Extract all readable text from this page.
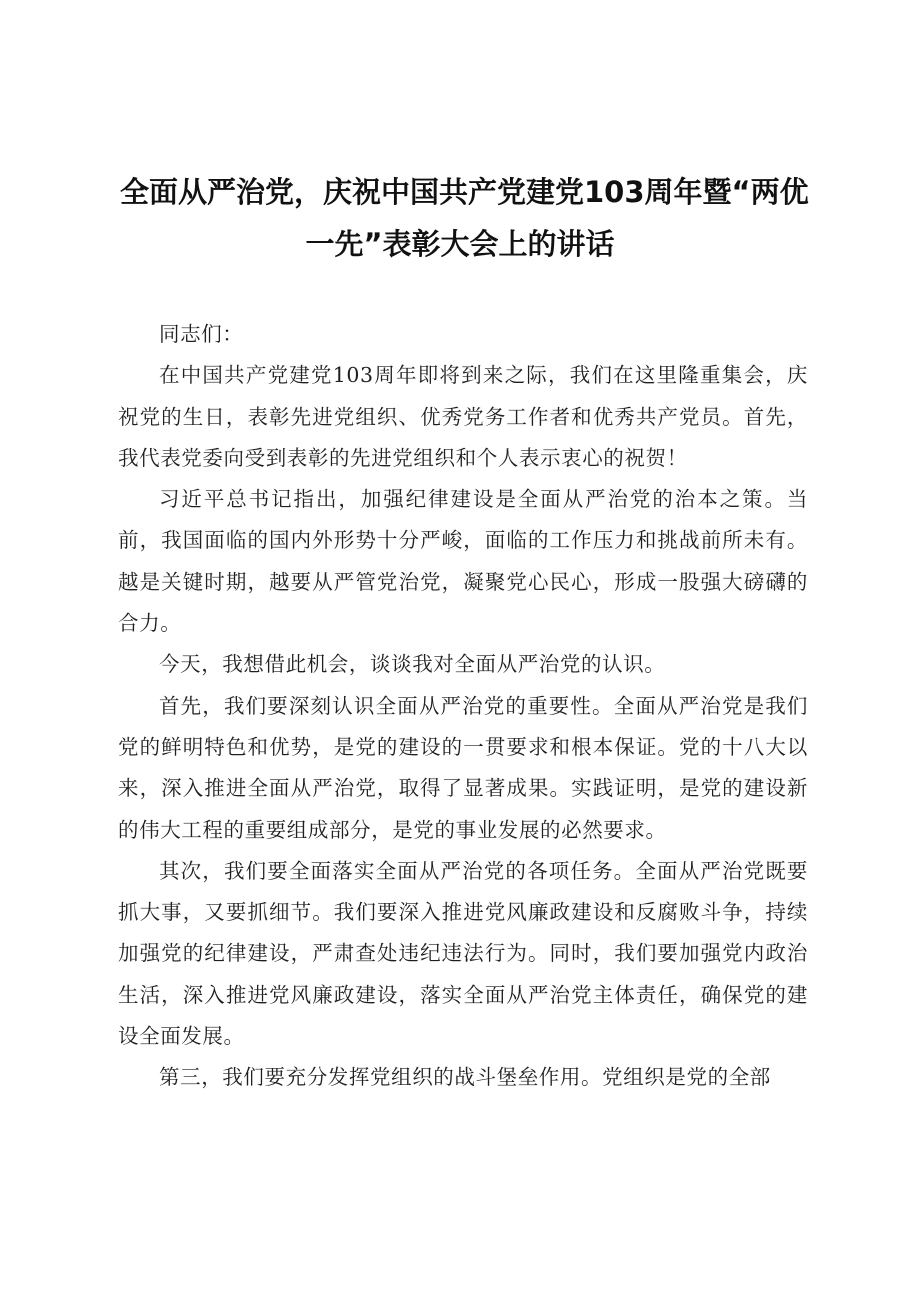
全面从严治党，庆祝中国共产党建党103周年暨“两优
一先”表彰大会上的讲话

同志们：

在中国共产党建党103周年即将到来之际，我们在这里隆重集会，庆祝党的生日，表彰先进党组织、优秀党务工作者和优秀共产党员。首先，我代表党委向受到表彰的先进党组织和个人表示衷心的祝贺！

习近平总书记指出，加强纪律建设是全面从严治党的治本之策。当前，我国面临的国内外形势十分严峻，面临的工作压力和挑战前所未有。越是关键时期，越要从严管党治党，凝聚党心民心，形成一股强大磅礴的合力。

今天，我想借此机会，谈谈我对全面从严治党的认识。

首先，我们要深刻认识全面从严治党的重要性。全面从严治党是我们党的鲜明特色和优势，是党的建设的一贯要求和根本保证。党的十八大以来，深入推进全面从严治党，取得了显著成果。实践证明，是党的建设新的伟大工程的重要组成部分，是党的事业发展的必然要求。

其次，我们要全面落实全面从严治党的各项任务。全面从严治党既要抓大事，又要抓细节。我们要深入推进党风廉政建设和反腐败斗争，持续加强党的纪律建设，严肃查处违纪违法行为。同时，我们要加强党内政治生活，深入推进党风廉政建设，落实全面从严治党主体责任，确保党的建设全面发展。

第三，我们要充分发挥党组织的战斗堡垒作用。党组织是党的全部
